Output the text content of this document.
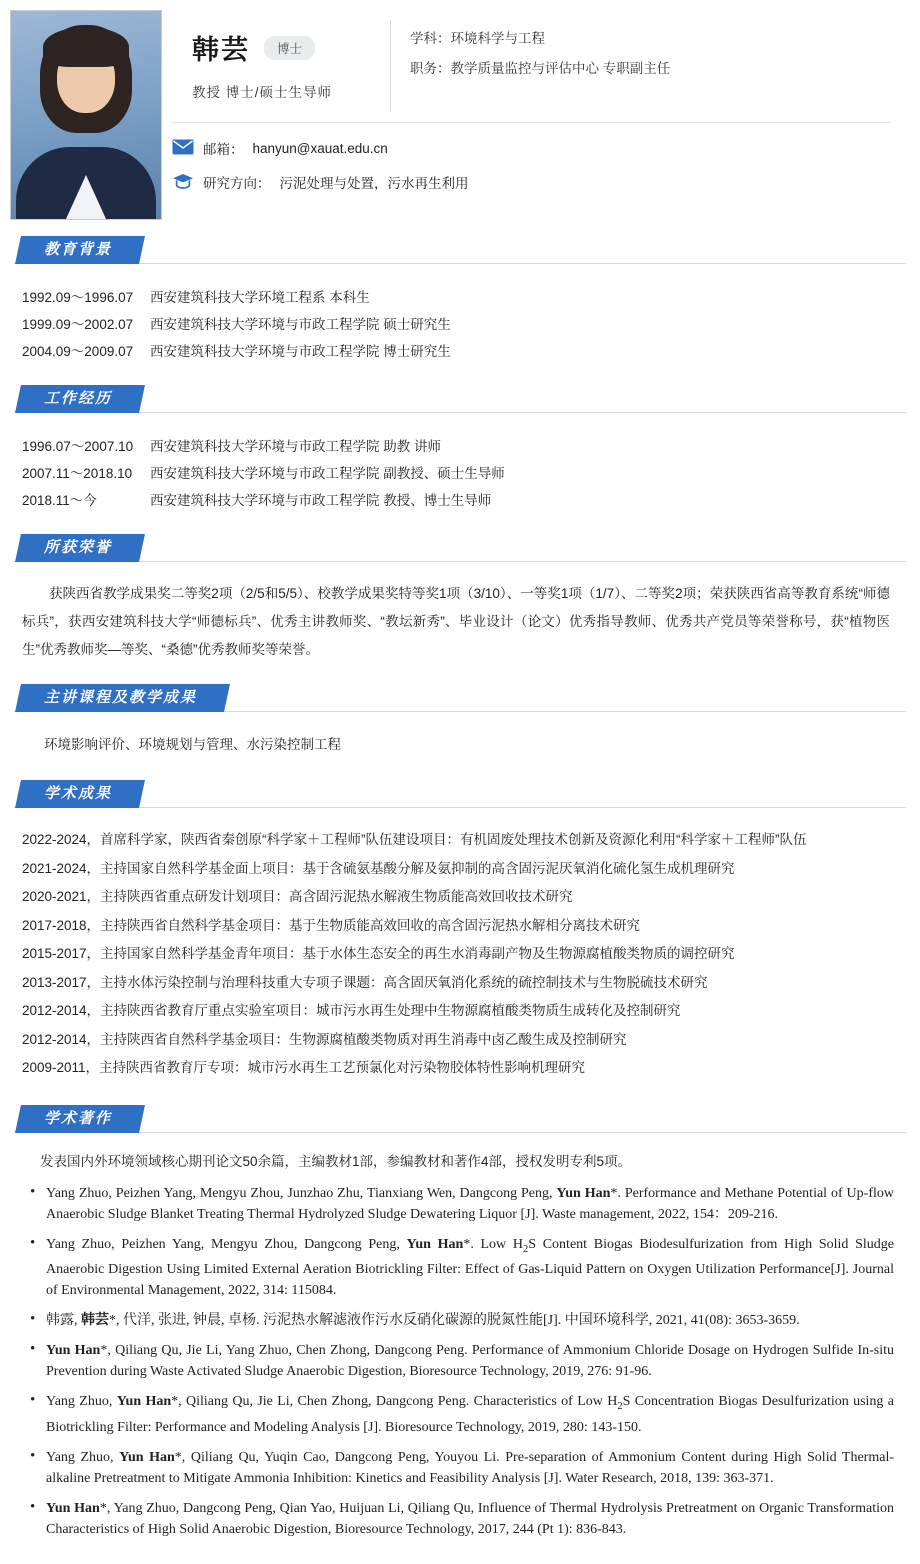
韩芸	博士
教授 博士/硕士生导师
学科：环境科学与工程
职务：教学质量监控与评估中心 专职副主任
邮箱： hanyun@xauat.edu.cn
研究方向： 污泥处理与处置，污水再生利用
教育背景
1992.09～1996.07	西安建筑科技大学环境工程系 本科生
1999.09～2002.07	西安建筑科技大学环境与市政工程学院 硕士研究生
2004.09～2009.07	西安建筑科技大学环境与市政工程学院 博士研究生
工作经历
1996.07～2007.10	西安建筑科技大学环境与市政工程学院 助教 讲师
2007.11～2018.10	西安建筑科技大学环境与市政工程学院 副教授、硕士生导师
2018.11～今	西安建筑科技大学环境与市政工程学院 教授、博士生导师
所获荣誉
获陕西省教学成果奖二等奖2项（2/5和5/5）、校教学成果奖特等奖1项（3/10）、一等奖1项（1/7）、二等奖2项；荣获陕西省高等教育系统“师德标兵”，获西安建筑科技大学“师德标兵”、优秀主讲教师奖、“教坛新秀”、毕业设计（论文）优秀指导教师、优秀共产党员等荣誉称号，获“植物医生”优秀教师奖—等奖、“桑德”优秀教师奖等荣誉。
主讲课程及教学成果
环境影响评价、环境规划与管理、水污染控制工程
学术成果
2022-2024，首席科学家，陕西省秦创原“科学家＋工程师”队伍建设项目：有机固废处理技术创新及资源化利用“科学家＋工程师”队伍
2021-2024，主持国家自然科学基金面上项目：基于含硫氨基酸分解及氨抑制的高含固污泥厌氧消化硫化氢生成机理研究
2020-2021，主持陕西省重点研发计划项目：高含固污泥热水解液生物质能高效回收技术研究
2017-2018，主持陕西省自然科学基金项目：基于生物质能高效回收的高含固污泥热水解相分离技术研究
2015-2017，主持国家自然科学基金青年项目：基于水体生态安全的再生水消毒副产物及生物源腐植酸类物质的调控研究
2013-2017，主持水体污染控制与治理科技重大专项子课题：高含固厌氧消化系统的硫控制技术与生物脱硫技术研究
2012-2014，主持陕西省教育厅重点实验室项目：城市污水再生处理中生物源腐植酸类物质生成转化及控制研究
2012-2014，主持陕西省自然科学基金项目：生物源腐植酸类物质对再生消毒中卤乙酸生成及控制研究
2009-2011，主持陕西省教育厅专项：城市污水再生工艺预氯化对污染物胶体特性影响机理研究
学术著作
发表国内外环境领域核心期刊论文50余篇，主编教材1部，参编教材和著作4部，授权发明专利5项。
• Yang Zhuo, Peizhen Yang, Mengyu Zhou, Junzhao Zhu, Tianxiang Wen, Dangcong Peng, Yun Han*. Performance and Methane Potential of Up-flow Anaerobic Sludge Blanket Treating Thermal Hydrolyzed Sludge Dewatering Liquor [J]. Waste management, 2022, 154：209-216.
• Yang Zhuo, Peizhen Yang, Mengyu Zhou, Dangcong Peng, Yun Han*. Low $H_2S$ Content Biogas Biodesulfurization from High Solid Sludge Anaerobic Digestion Using Limited External Aeration Biotrickling Filter: Effect of Gas-Liquid Pattern on Oxygen Utilization Performance[J]. Journal of Environmental Management, 2022, 314: 115084.
• 韩露, 韩芸*, 代洋, 张进, 钟晨, 卓杨. 污泥热水解滤液作污水反硝化碳源的脱氮性能[J]. 中国环境科学, 2021, 41(08): 3653-3659.
• Yun Han*, Qiliang Qu, Jie Li, Yang Zhuo, Chen Zhong, Dangcong Peng. Performance of Ammonium Chloride Dosage on Hydrogen Sulfide In-situ Prevention during Waste Activated Sludge Anaerobic Digestion, Bioresource Technology, 2019, 276: 91-96.
• Yang Zhuo, Yun Han*, Qiliang Qu, Jie Li, Chen Zhong, Dangcong Peng. Characteristics of Low $H_2S$ Concentration Biogas Desulfurization using a Biotrickling Filter: Performance and Modeling Analysis [J]. Bioresource Technology, 2019, 280: 143-150.
• Yang Zhuo, Yun Han*, Qiliang Qu, Yuqin Cao, Dangcong Peng, Youyou Li. Pre-separation of Ammonium Content during High Solid Thermal-alkaline Pretreatment to Mitigate Ammonia Inhibition: Kinetics and Feasibility Analysis [J]. Water Research, 2018, 139: 363-371.
• Yun Han*, Yang Zhuo, Dangcong Peng, Qian Yao, Huijuan Li, Qiliang Qu, Influence of Thermal Hydrolysis Pretreatment on Organic Transformation Characteristics of High Solid Anaerobic Digestion, Bioresource Technology, 2017, 244 (Pt 1): 836-843.
